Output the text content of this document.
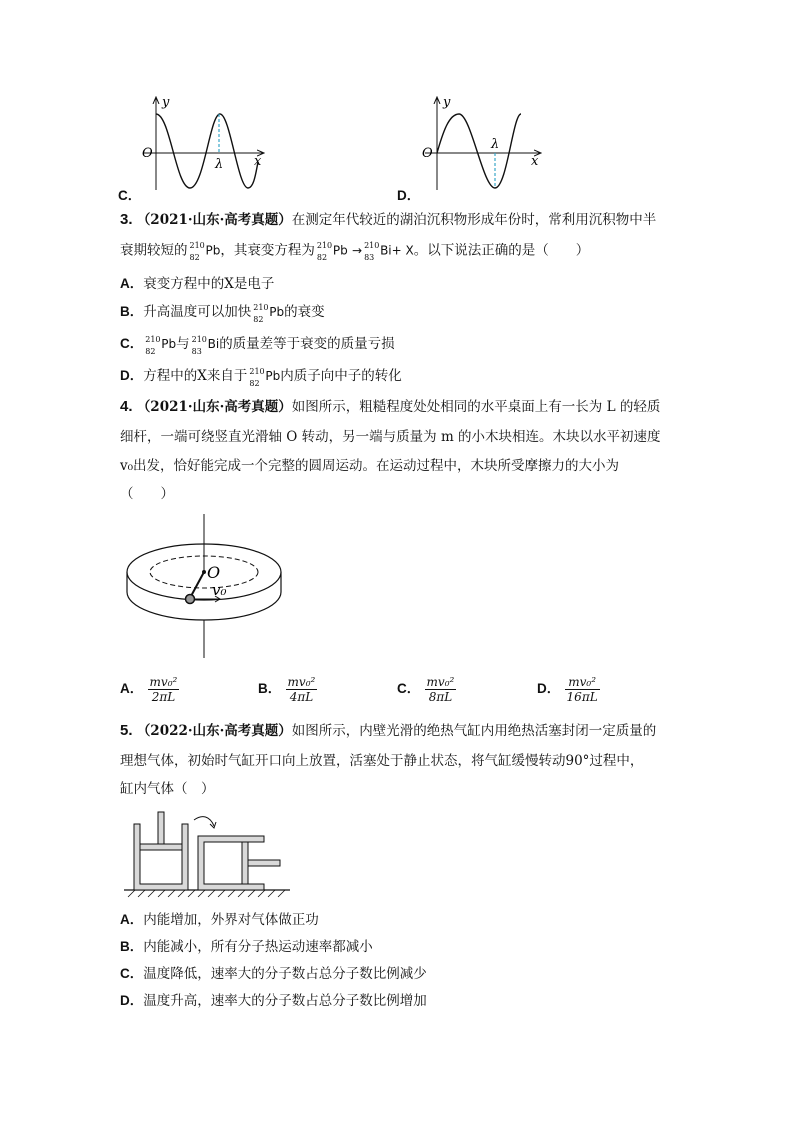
C．
y
O
λ x
D．
y
O
λ
x
3. （2021·山东·高考真题）在测定年代较近的湖泊沉积物形成年份时，常利用沉积物中半
衰期较短的 210
82 Pb，其衰变方程为 210
82 Pb → 210
83 Bi+ X。以下说法正确的是（　　）
A．衰变方程中的X是电子
B．升高温度可以加快 210
82 Pb的衰变
C． 210
82 Pb与 210
83 Bi的质量差等于衰变的质量亏损
D．方程中的X来自于 210
82 Pb内质子向中子的转化
4. （2021·山东·高考真题）如图所示，粗糙程度处处相同的水平桌面上有一长为 L 的轻质
细杆，一端可绕竖直光滑轴 O 转动，另一端与质量为 m 的小木块相连。木块以水平初速度
v₀出发，恰好能完成一个完整的圆周运动。在运动过程中，木块所受摩擦力的大小为
（　　）
O
v₀
A． $\frac{\text{mv₀²}}{2\pi L}$	B． $\frac{\text{mv₀²}}{4\pi L}$	C． $\frac{\text{mv₀²}}{8\pi L}$	D． $\frac{\text{mv₀²}}{16\pi L}$
5. （2022·山东·高考真题）如图所示，内壁光滑的绝热气缸内用绝热活塞封闭一定质量的
理想气体，初始时气缸开口向上放置，活塞处于静止状态，将气缸缓慢转动90°过程中，
缸内气体（　）
A．内能增加，外界对气体做正功
B．内能减小，所有分子热运动速率都减小
C．温度降低，速率大的分子数占总分子数比例减少
D．温度升高，速率大的分子数占总分子数比例增加
